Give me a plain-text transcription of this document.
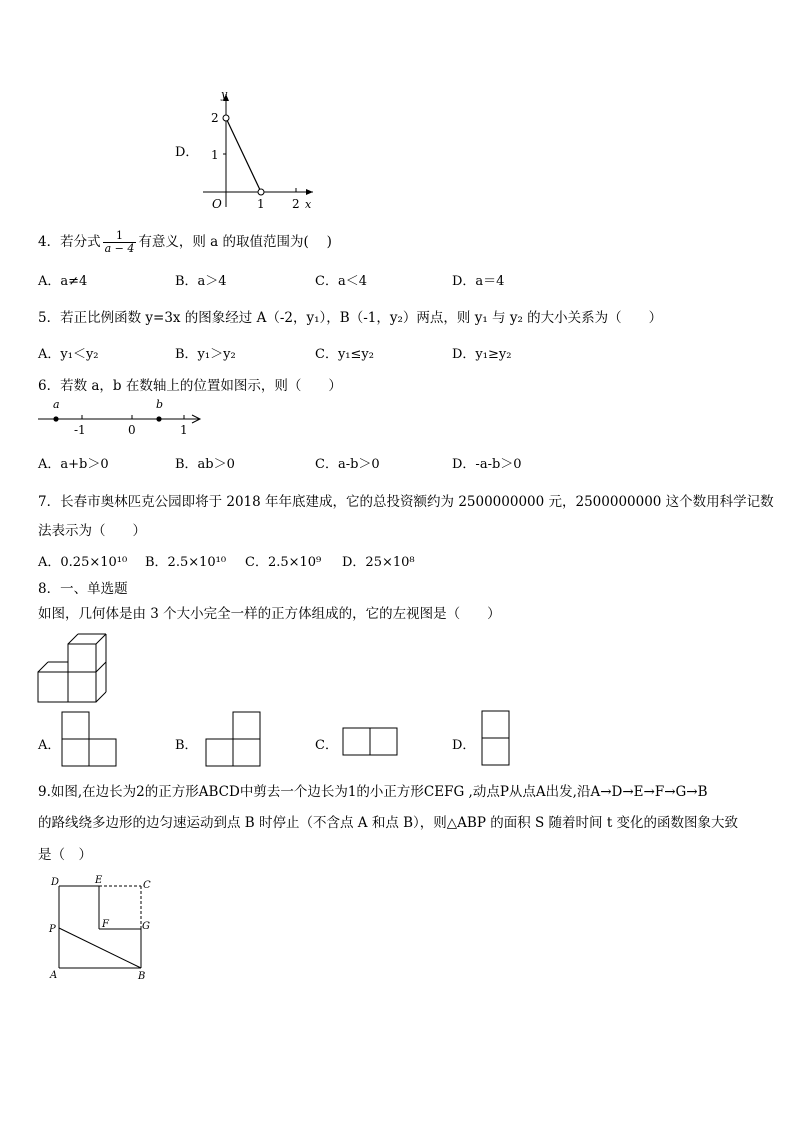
D．
y
x
O
2
1
1 2
4．若分式 $\frac{1}{a - 4}$ 有意义，则 a 的取值范围为(　 )
A．a≠4	B．a＞4	C．a＜4	D．a＝4
5．若正比例函数 y=3x 的图象经过 A（-2，y₁），B（-1，y₂）两点，则 y₁ 与 y₂ 的大小关系为（　　）
A．y₁＜y₂	B．y₁＞y₂	C．y₁≤y₂	D．y₁≥y₂
6．若数 a，b 在数轴上的位置如图示，则（　　）
a	b
-1	0	1
A．a+b＞0	B．ab＞0	C．a-b＞0	D．-a-b＞0
7．长春市奥林匹克公园即将于 2018 年年底建成，它的总投资额约为 2500000000 元，2500000000 这个数用科学记数
法表示为（　　）
A．0.25×10¹⁰ B．2.5×10¹⁰ C．2.5×10⁹ D．25×10⁸
8．一、单选题
如图，几何体是由 3 个大小完全一样的正方体组成的，它的左视图是（　　）
A．	B．	C．	D．
9.如图,在边长为2的正方形ABCD中剪去一个边长为1的小正方形CEFG ,动点P从点A出发,沿A→D→E→F→G→B
的路线绕多边形的边匀速运动到点 B 时停止（不含点 A 和点 B），则△ABP 的面积 S 随着时间 t 变化的函数图象大致
是（　）
D	E	C
P	F	G
A	B
